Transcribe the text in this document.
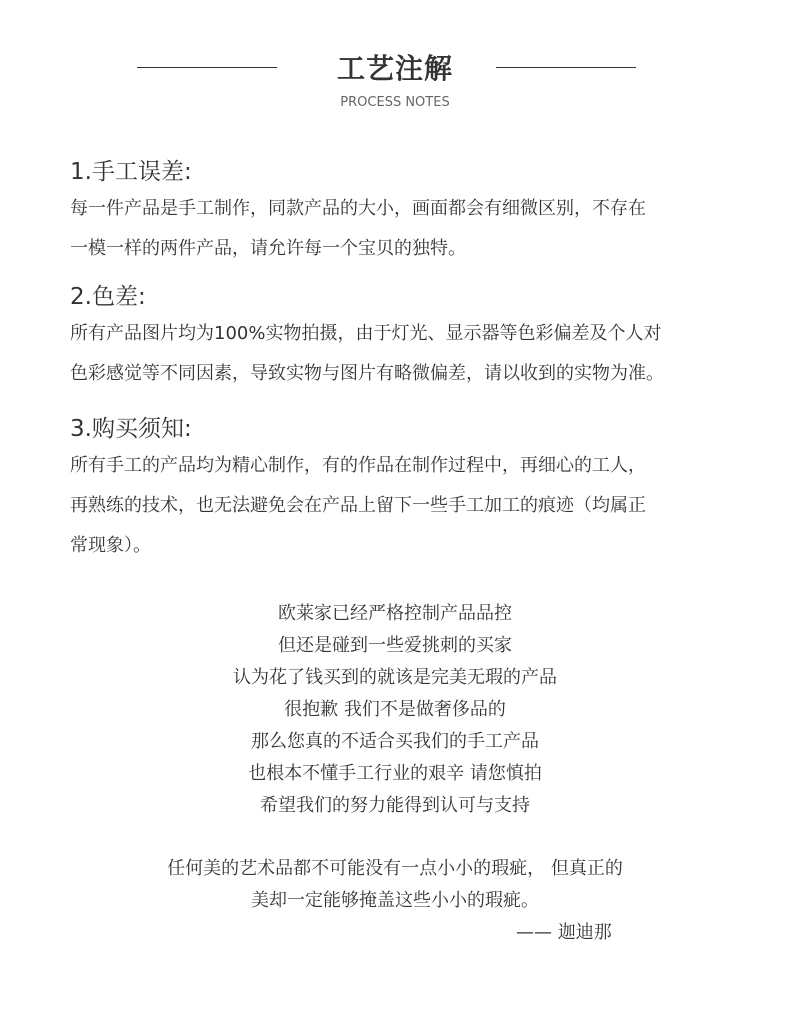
工艺注解
PROCESS NOTES
1.手工误差:

每一件产品是手工制作，同款产品的大小，画面都会有细微区别，不存在

一模一样的两件产品，请允许每一个宝贝的独特。

2.色差:

所有产品图片均为100%实物拍摄，由于灯光、显示器等色彩偏差及个人对

色彩感觉等不同因素，导致实物与图片有略微偏差，请以收到的实物为准。

3.购买须知:

所有手工的产品均为精心制作，有的作品在制作过程中，再细心的工人，

再熟练的技术，也无法避免会在产品上留下一些手工加工的痕迹（均属正

常现象）。

欧莱家已经严格控制产品品控
但还是碰到一些爱挑刺的买家
认为花了钱买到的就该是完美无瑕的产品
很抱歉 我们不是做奢侈品的
那么您真的不适合买我们的手工产品
也根本不懂手工行业的艰辛 请您慎拍
希望我们的努力能得到认可与支持
任何美的艺术品都不可能没有一点小小的瑕疵， 但真正的
美却一定能够掩盖这些小小的瑕疵。
—— 迦迪那
